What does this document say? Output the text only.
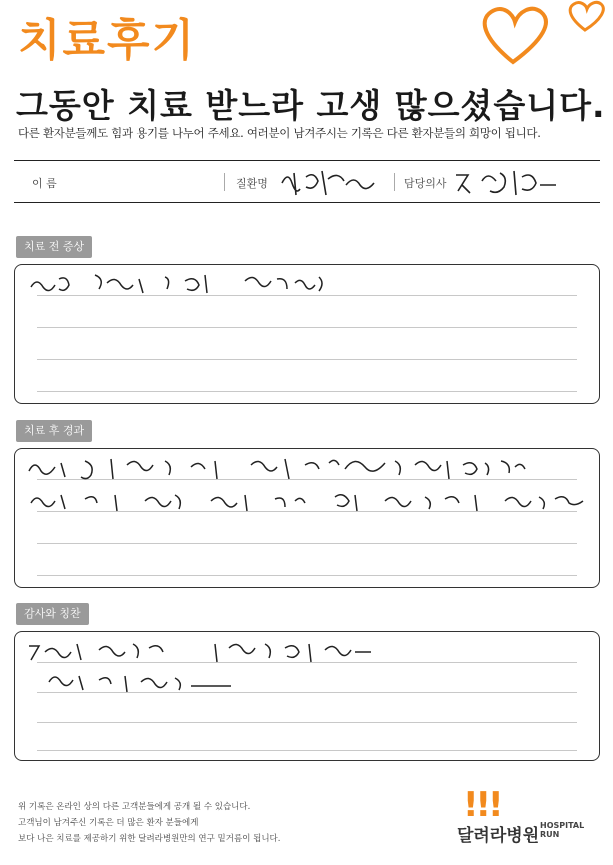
치료후기
그동안 치료 받느라 고생 많으셨습니다.
다른 환자분들께도 힘과 용기를 나누어 주세요. 여러분이 남겨주시는 기록은 다른 환자분들의 희망이 됩니다.
이 름	질환명	담당의사
치료 전 증상
치료 후 경과
감사와 칭찬
위 기록은 온라인 상의 다른 고객분들에게 공개 될 수 있습니다.
고객님이 남겨주신 기록은 더 많은 환자 분들에게
보다 나은 치료를 제공하기 위한 달려라병원만의 연구 밑거름이 됩니다.
!!!
달려라병원
HOSPITAL
RUN
